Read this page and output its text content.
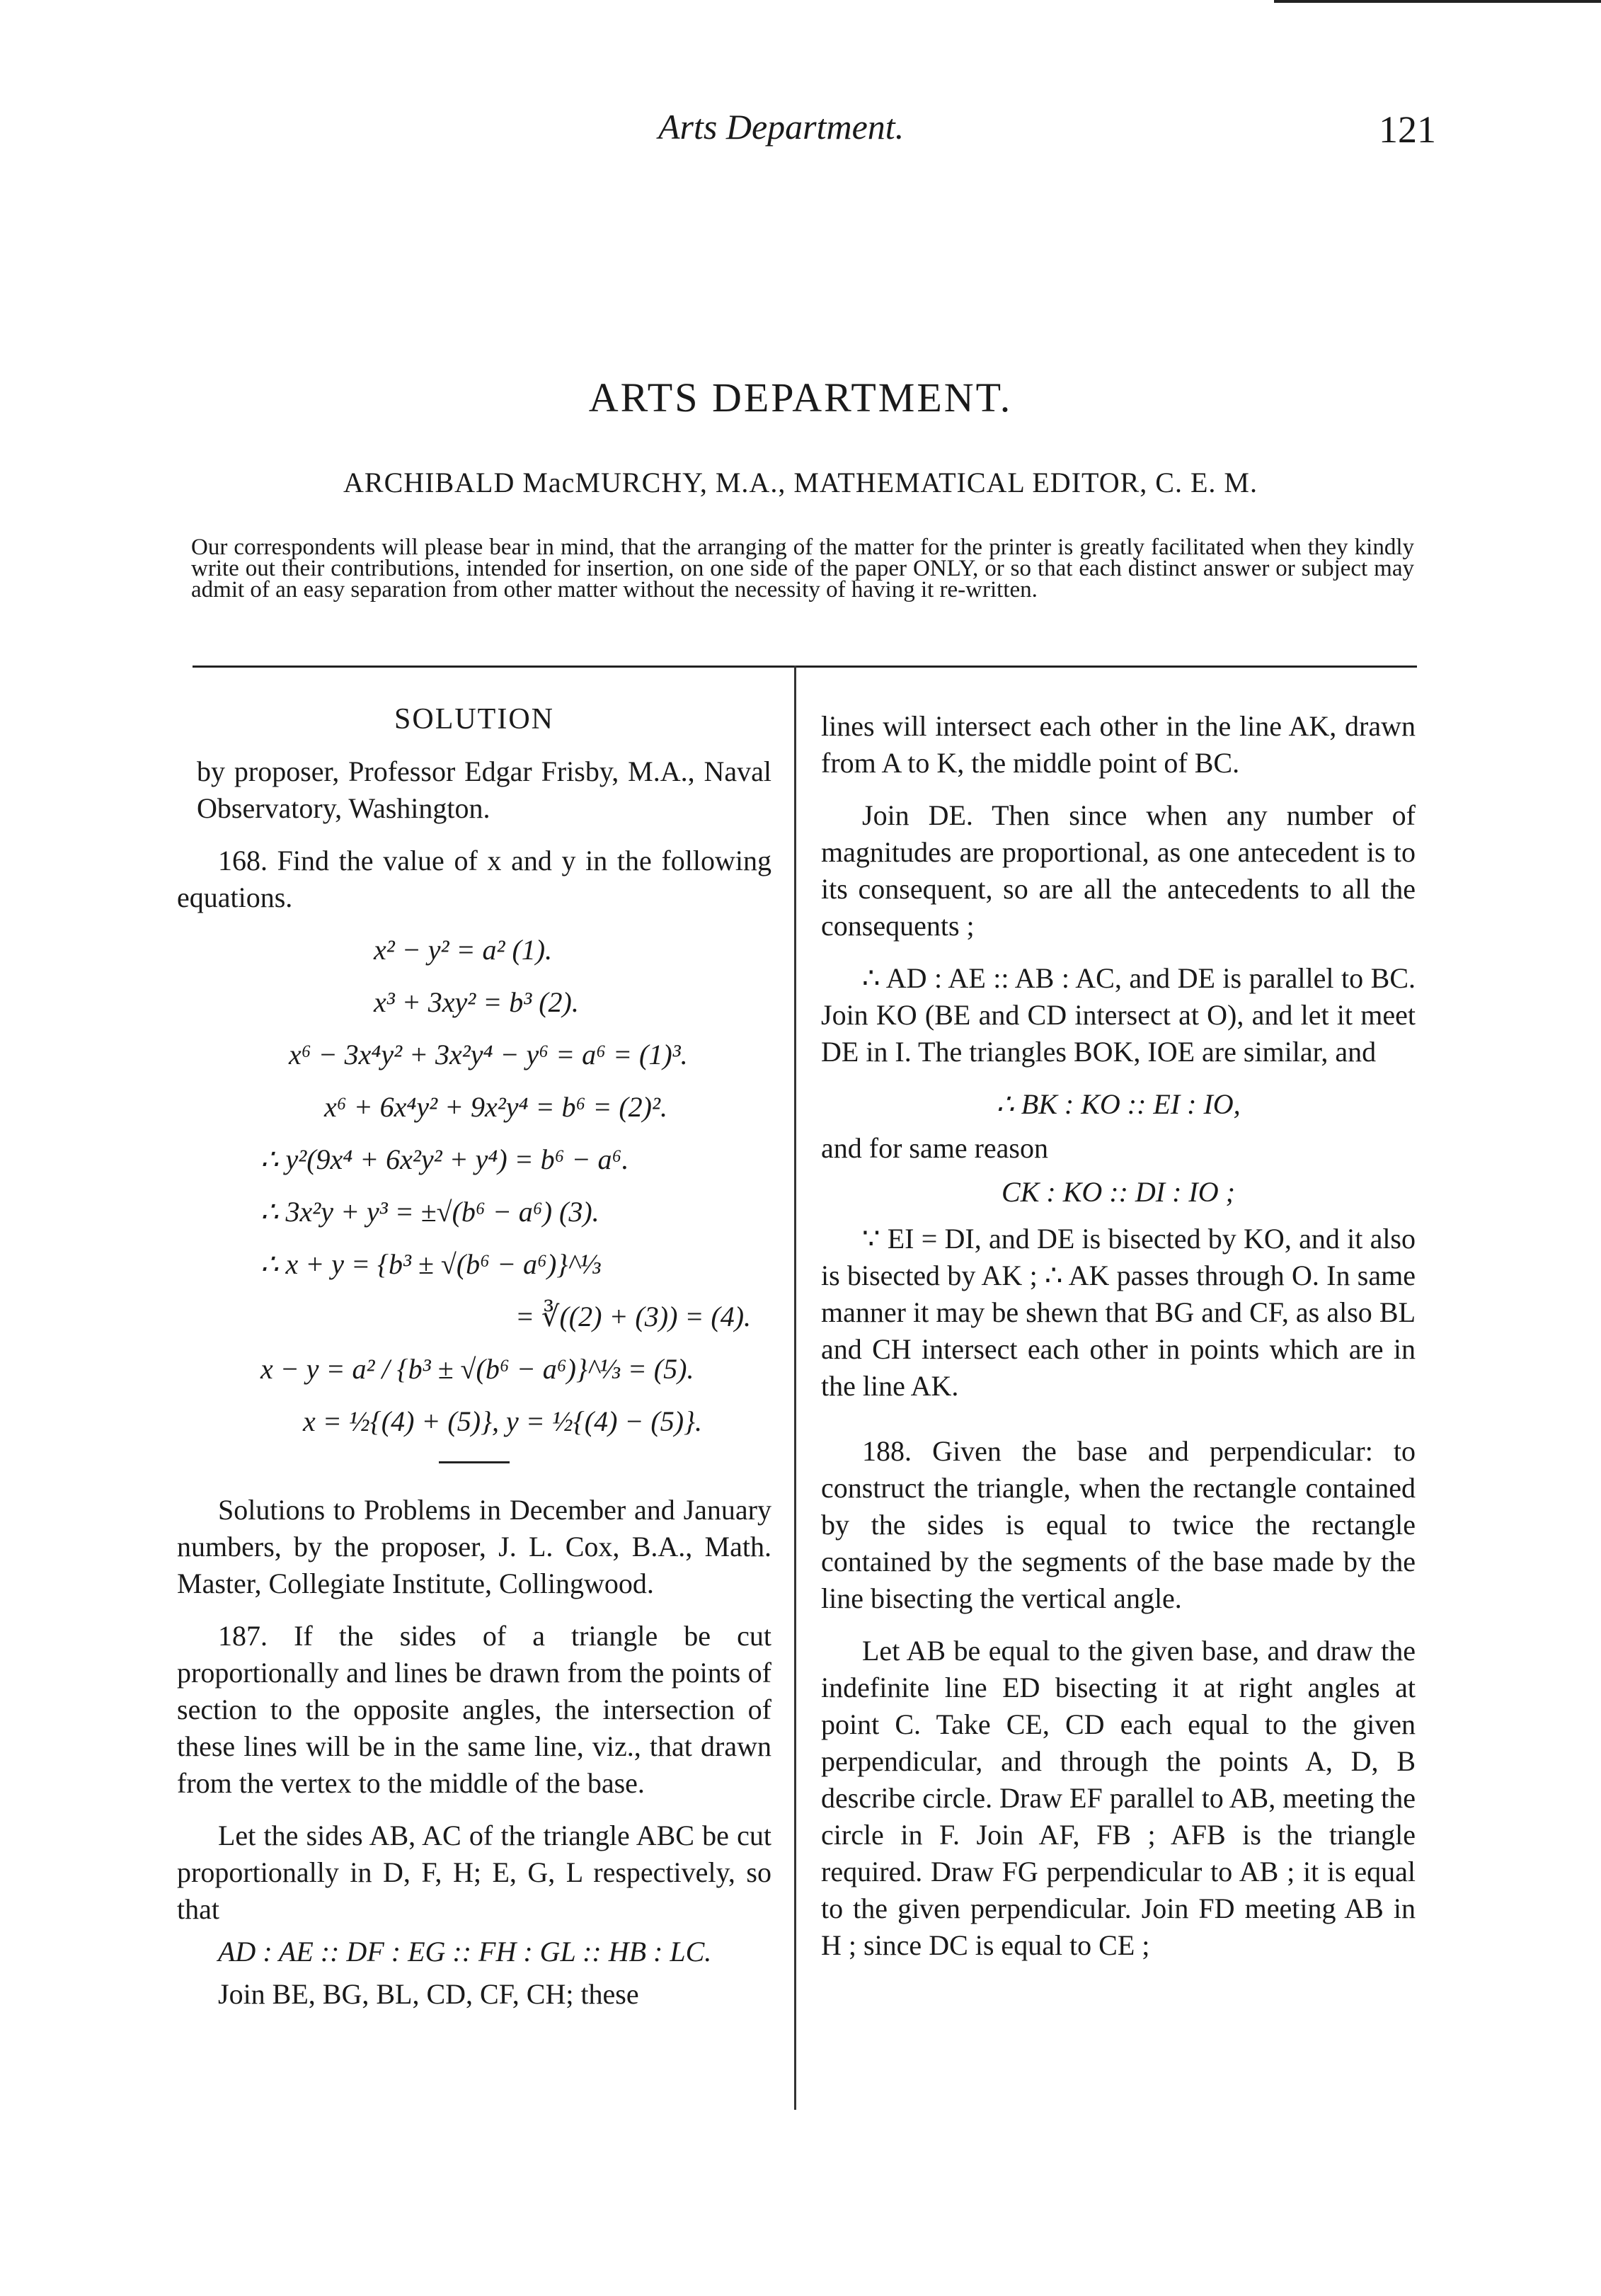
Arts Department.	121
ARTS DEPARTMENT.
ARCHIBALD MacMURCHY, M.A., MATHEMATICAL EDITOR, C. E. M.
Our correspondents will please bear in mind, that the arranging of the matter for the printer is greatly facilitated when they kindly write out their contributions, intended for insertion, on one side of the paper ONLY, or so that each distinct answer or subject may admit of an easy separation from other matter without the necessity of having it re-written.

SOLUTION

by proposer, Professor Edgar Frisby, M.A., Naval Observatory, Washington.

168. Find the value of x and y in the following equations.

x² − y² = a² (1).

x³ + 3xy² = b³ (2).

x⁶ − 3x⁴y² + 3x²y⁴ − y⁶ = a⁶ = (1)³.

x⁶ + 6x⁴y² + 9x²y⁴ = b⁶ = (2)².

∴ y²(9x⁴ + 6x²y² + y⁴) = b⁶ − a⁶.

∴ 3x²y + y³ = ±√(b⁶ − a⁶) (3).

∴ x + y = {b³ ± √(b⁶ − a⁶)}^⅓

= ∛((2) + (3)) = (4).

x − y = a² / {b³ ± √(b⁶ − a⁶)}^⅓ = (5).

x = ½{(4) + (5)}, y = ½{(4) − (5)}.

Solutions to Problems in December and January numbers, by the proposer, J. L. Cox, B.A., Math. Master, Collegiate Institute, Collingwood.

187. If the sides of a triangle be cut proportionally and lines be drawn from the points of section to the opposite angles, the intersection of these lines will be in the same line, viz., that drawn from the vertex to the middle of the base.

Let the sides AB, AC of the triangle ABC be cut proportionally in D, F, H; E, G, L respectively, so that

AD : AE :: DF : EG :: FH : GL :: HB : LC.

Join BE, BG, BL, CD, CF, CH; these

lines will intersect each other in the line AK, drawn from A to K, the middle point of BC.

Join DE. Then since when any number of magnitudes are proportional, as one antecedent is to its consequent, so are all the antecedents to all the consequents ;

∴ AD : AE :: AB : AC, and DE is parallel to BC. Join KO (BE and CD intersect at O), and let it meet DE in I. The triangles BOK, IOE are similar, and

∴ BK : KO :: EI : IO,

and for same reason

CK : KO :: DI : IO ;

∵ EI = DI, and DE is bisected by KO, and it also is bisected by AK ; ∴ AK passes through O. In same manner it may be shewn that BG and CF, as also BL and CH intersect each other in points which are in the line AK.

188. Given the base and perpendicular: to construct the triangle, when the rectangle contained by the sides is equal to twice the rectangle contained by the segments of the base made by the line bisecting the vertical angle.

Let AB be equal to the given base, and draw the indefinite line ED bisecting it at right angles at point C. Take CE, CD each equal to the given perpendicular, and through the points A, D, B describe circle. Draw EF parallel to AB, meeting the circle in F. Join AF, FB ; AFB is the triangle required. Draw FG perpendicular to AB ; it is equal to the given perpendicular. Join FD meeting AB in H ; since DC is equal to CE ;
